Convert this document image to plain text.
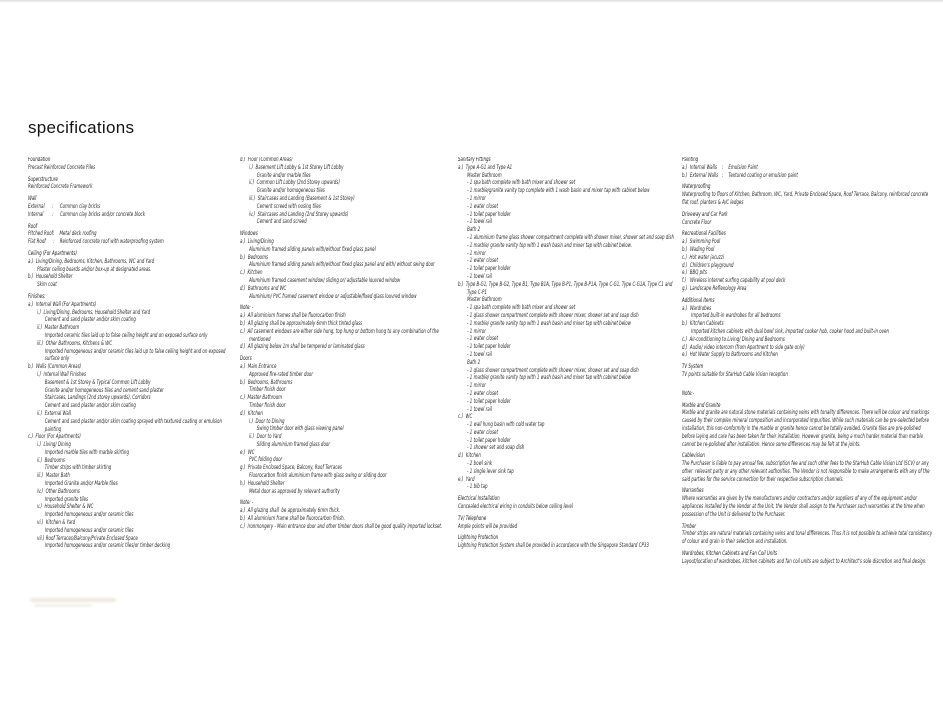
specifications
Foundation
Precast Reinforced Concrete Piles
Superstructure
Reinforced Concrete Framework
Wall
External      :     Common clay bricks
Internal       :     Common clay bricks and/or concrete block
Roof
Pitched Roof:    Metal deck roofing
Flat Roof      :    Reinforced concrete roof with waterproofing system
Ceiling (For Apartments)
a.)  Living/Dining, Bedrooms, Kitchen, Bathrooms, WC and Yard
Plaster ceiling boards and/or box-up at designated areas.
b.)  Household Shelter
Skim coat
Finishes:
a.)  Internal Wall (For Apartments)
i.)  Living/Dining, Bedrooms, Household Shelter and Yard
Cement and sand plaster and/or skim coating
ii.)  Master Bathroom
Imported ceramic tiles laid up to false ceiling height and on exposed surface only
iii.)  Other Bathrooms, Kitchens & WC
Imported homogeneous and/or ceramic tiles laid up to false ceiling height and on exposed surface only
b.)  Walls (Common Areas)
i.)  Internal Wall Finishes
Basement & 1st Storey & Typical Common Lift Lobby
Granite and/or homogeneous tiles and cement sand plaster
Staircases, Landings (2nd storey upwards), Corridors
Cement and sand plaster and/or skim coating
ii.)  External Wall
Cement and sand plaster and/or skim coating sprayed with textured coating or emulsion painting
c.)  Floor (For Apartments)
i.)  Living/ Dining
Imported marble tiles with marble skirting
ii.)  Bedrooms
Timber strips with timber skirting
iii.)  Master Bath
Imported Granite and/or Marble tiles
iv.)  Other Bathrooms
Imported granite tiles
v.)  Household Shelter & WC
Imported homogeneous and/or ceramic tiles
vi.)  Kitchen & Yard
Imported homogeneous and/or ceramic tiles
vii.) Roof Terraces/Balcony/Private Enclosed Space
Imported homogeneous and/or ceramic tiles/or timber decking
d.)  Floor (Common Areas)
i.)  Basement Lift Lobby & 1st Storey Lift Lobby
Granite and/or marble tiles
ii.)  Common Lift Lobby (2nd Storey upwards)
Granite and/or homogeneous tiles
iii.)  Staircases and Landing (Basement & 1st Storey)
Cement screed with nosing tiles
iv.)  Staircases and Landing (2nd Storey upwards)
Cement and sand screed
Windows
a.)  Living/Dining
Aluminium framed sliding panels with/without fixed glass panel
b.)  Bedrooms
Aluminium framed sliding panels with/without fixed glass panel and with/ without swing door
c.)  Kitchen
Aluminium framed casement window/ sliding or/ adjustable louvred window
d.)  Bathrooms and WC
Aluminium/ PVC framed casement window or adjustable/fixed glass louvred window
Note: -
a.)  All aluminium frames shall be fluorocarbon finish
b.)  All glazing shall be approximately 6mm thick tinted glass
c.)  All casement windows are either side hung, top hung or bottom hung to any combination of the mentioned
d.)  All glazing below 1m shall be tempered or laminated glass
Doors
a.)  Main Entrance
Approved fire-rated timber door
b.)  Bedrooms, Bathrooms
Timber finish door
c.)  Master Bathroom
Timber finish door
d.)  Kitchen
i.)  Door to Dining
Swing timber door with glass viewing panel
ii.)  Door to Yard
Sliding aluminium framed glass door
e.)  WC
PVC folding door
g.)  Private Enclosed Space, Balcony, Roof Terraces
Fluorocarbon finish aluminium frame with glass swing or sliding door
h.)  Household Shelter
Metal door as approved by relevant authority
Note: -
a.)  All glazing shall  be approximately 6mm thick.
b.)  All aluminium frame shall be fluorocarbon finish.
c.)  Ironmongery - Main entrance door and other timber doors shall be good quality imported lockset.
Sanitary Fittings
a.)  Type A-G1 and Type A1
Master Bathroom
- 1 spa bath complete with bath mixer and shower set
- 1 marble/granite vanity top complete with 1 wash basin and mixer tap with cabinet below
- 1 mirror
- 1 water closet
- 1 toilet paper holder
- 1 towel rail
Bath 2
- 1 aluminium frame glass shower compartment complete with shower mixer, shower set and soap dish
- 1 marble/ granite vanity top with 1 wash basin and mixer tap with cabinet below.
- 1 mirror
- 1 water closet
- 1 toilet paper holder
- 1 towel rail
b.)  Type B-G1, Type B-G2, Type B1, Type B1A, Type B-P1, Type B-P1A, Type C-G1, Type C-G1A, Type C1 and Type C-P1
Master Bathroom
- 1 spa bath complete with bath mixer and shower set
- 1 glass shower compartment complete with shower mixer, shower set and soap dish
- 1 marble/ granite vanity top with 1 wash basin and mixer tap with cabinet below
- 1 mirror
- 1 water closet
- 1 toilet paper holder
- 1 towel rail
Bath 2
- 1 glass shower compartment complete with shower mixer, shower set and soap dish
- 1 marble/ granite vanity top with 1 wash basin and mixer tap with cabinet below
- 1 mirror
- 1 water closet
- 1 toilet paper holder
- 1 towel rail
c.)  WC
- 1 wall hung basin with cold water tap
- 1 water closet
- 1 toilet paper holder
- 1 shower set and soap dish
d.)  Kitchen
- 2 bowl sink
- 1 single lever sink tap
e.)  Yard
- 1 bib tap
Electrical Installation
Concealed electrical wiring in conduits below ceiling level
TV/ Telephone
Ample points will be provided
Lightning Protection
Lightning Protection System shall be provided in accordance with the Singapore Standard CP33
Painting
a.)  Internal Walls    :    Emulsion Paint
b.)  External Walls   :    Textured coating or emulsion paint
Waterproofing
Waterproofing to floors of Kitchen, Bathroom, WC, Yard, Private Enclosed Space, Roof Terrace, Balcony, reinforced concrete flat roof, planters & A/C ledges
Driveway and Car Park
Concrete Floor
Recreational Facilities
a.)  Swimming Pool
b.)  Wading Pool
c.)  Hot water jacuzzi
d.)  Children's playground
e.)  BBQ pits
f.)   Wireless internet surfing capability at pool deck
g.)  Landscape Reflexology Area
Additional Items
a.)  Wardrobes
Imported built-in wardrobes for all bedrooms
b.)  Kitchen Cabinets
Imported kitchen cabinets with dual bowl sink, imported cooker hob, cooker hood and built-in oven
c.)  Air-conditioning to Living/ Dining and Bedrooms
d.)  Audio/ video intercom (from Apartment to side gate only)
e.)  Hot Water Supply to Bathrooms and Kitchen
TV System
TV points suitable for StarHub Cable Vision reception
Note:-
Marble and Granite
Marble and granite are natural stone materials containing veins with tonality differences. There will be colour and markings caused by their complex mineral composition and incorporated impurities. While such materials can be pre-selected before installation, this non-conformity in the marble or granite hence cannot be totally avoided. Granite tiles are pre-polished before laying and care has been taken for their installation. However granite, being a much harder material than marble cannot be re-polished after installation. Hence some differences may be felt at the joints.
Cablevision
The Purchaser is liable to pay annual fee, subscription fee and such other fees to the StarHub Cable Vision Ltd (SCV) or any other  relevant party or any other relevant authorities. The Vendor is not responsible to make arrangements with any of the said parties for the service connection for their respective subscription channels.
Warranties
Where warranties are given by the manufacturers and/or contractors and/or suppliers of any of the equipment and/or appliances installed by the Vendor at the Unit, the Vendor shall assign to the Purchaser such warranties at the time when possession of the Unit is delivered to the Purchaser.
Timber
Timber strips are natural materials containing veins and tonal differences. Thus it is not possible to achieve total consistency of colour and grain in their selection and installation.
Wardrobes, Kitchen Cabinets and Fan Coil Units
Layout/location of wardrobes, kitchen cabinets and fan coil units are subject to Architect's sole discretion and final design.
